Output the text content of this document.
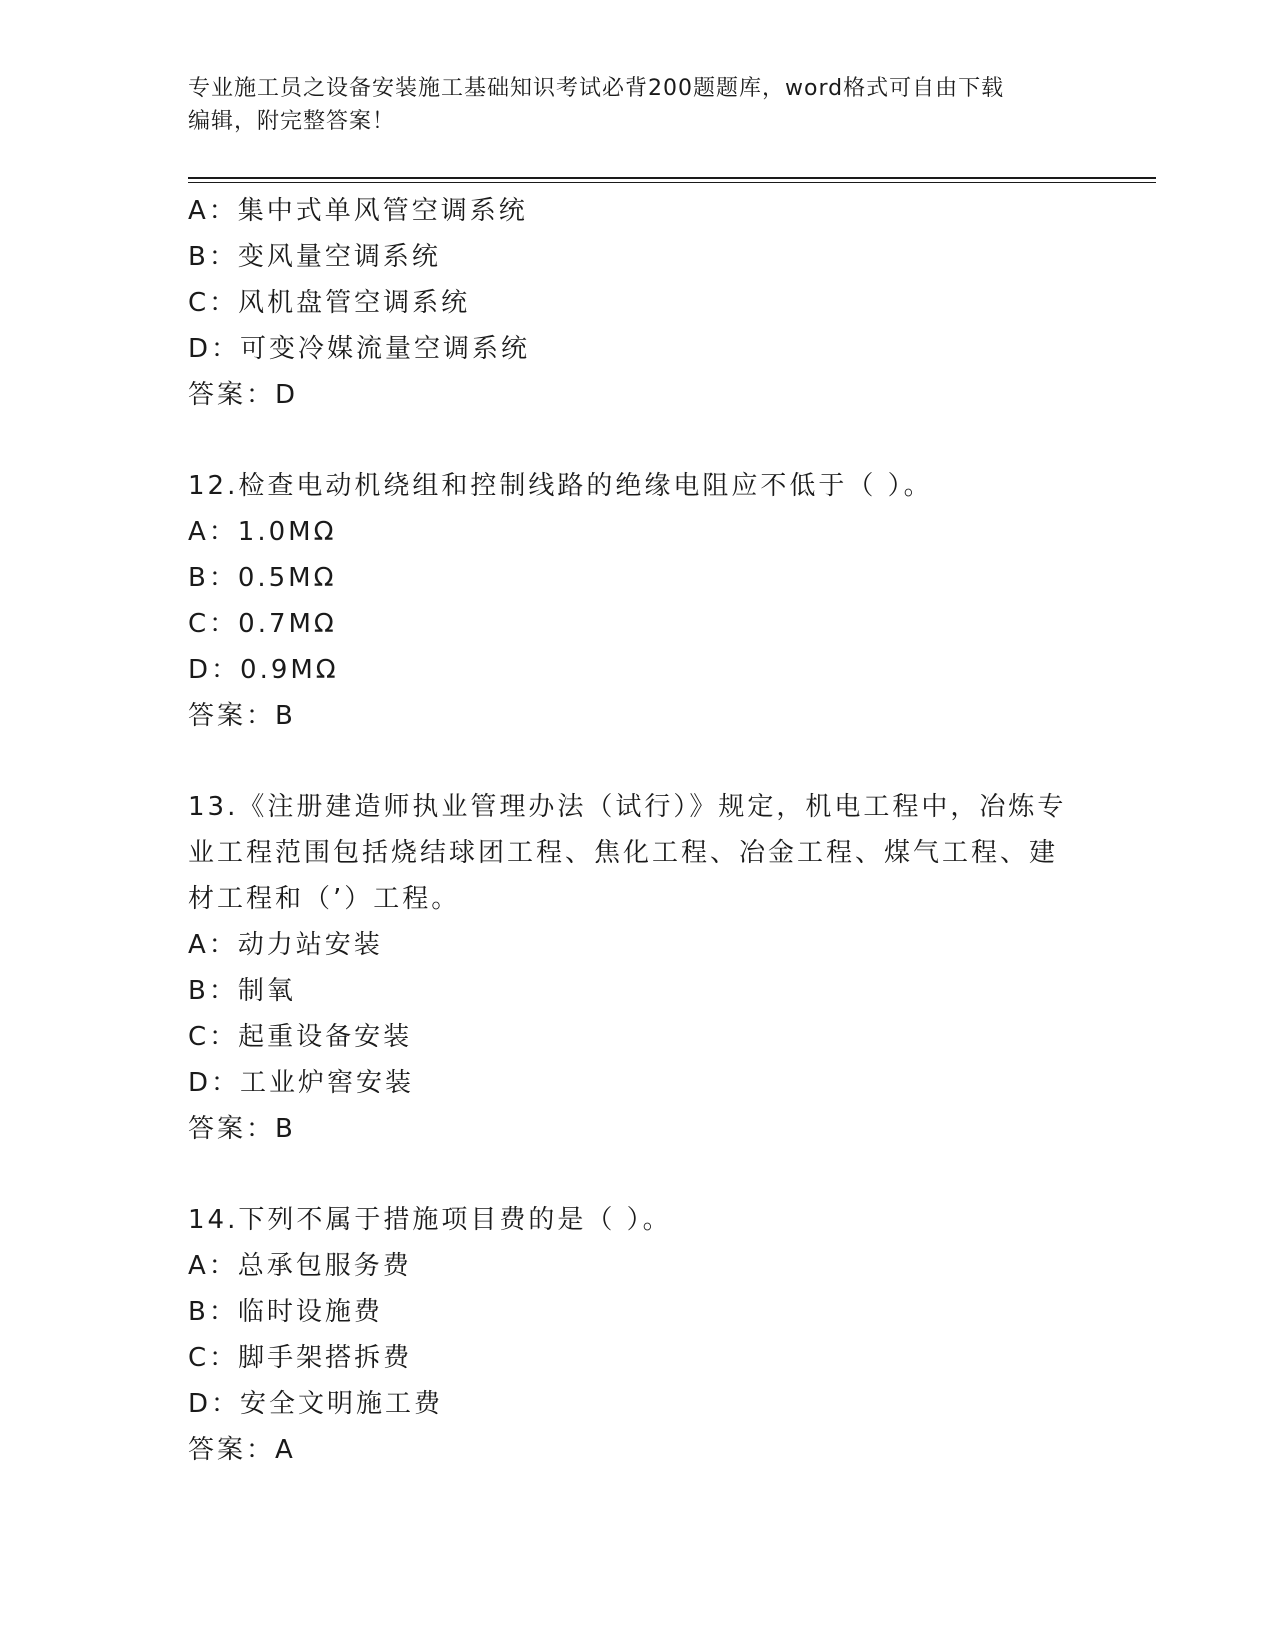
专业施工员之设备安装施工基础知识考试必背200题题库，word格式可自由下载
编辑，附完整答案！
A：集中式单风管空调系统
B：变风量空调系统
C：风机盘管空调系统
D：可变冷媒流量空调系统
答案：D
12.检查电动机绕组和控制线路的绝缘电阻应不低于（ ）。
A：1.0MΩ
B：0.5MΩ
C：0.7MΩ
D：0.9MΩ
答案：B
13.《注册建造师执业管理办法（试行）》规定，机电工程中，冶炼专
业工程范围包括烧结球团工程、焦化工程、冶金工程、煤气工程、建
材工程和（’）工程。
A：动力站安装
B：制氧
C：起重设备安装
D：工业炉窖安装
答案：B
14.下列不属于措施项目费的是（ ）。
A：总承包服务费
B：临时设施费
C：脚手架搭拆费
D：安全文明施工费
答案：A
